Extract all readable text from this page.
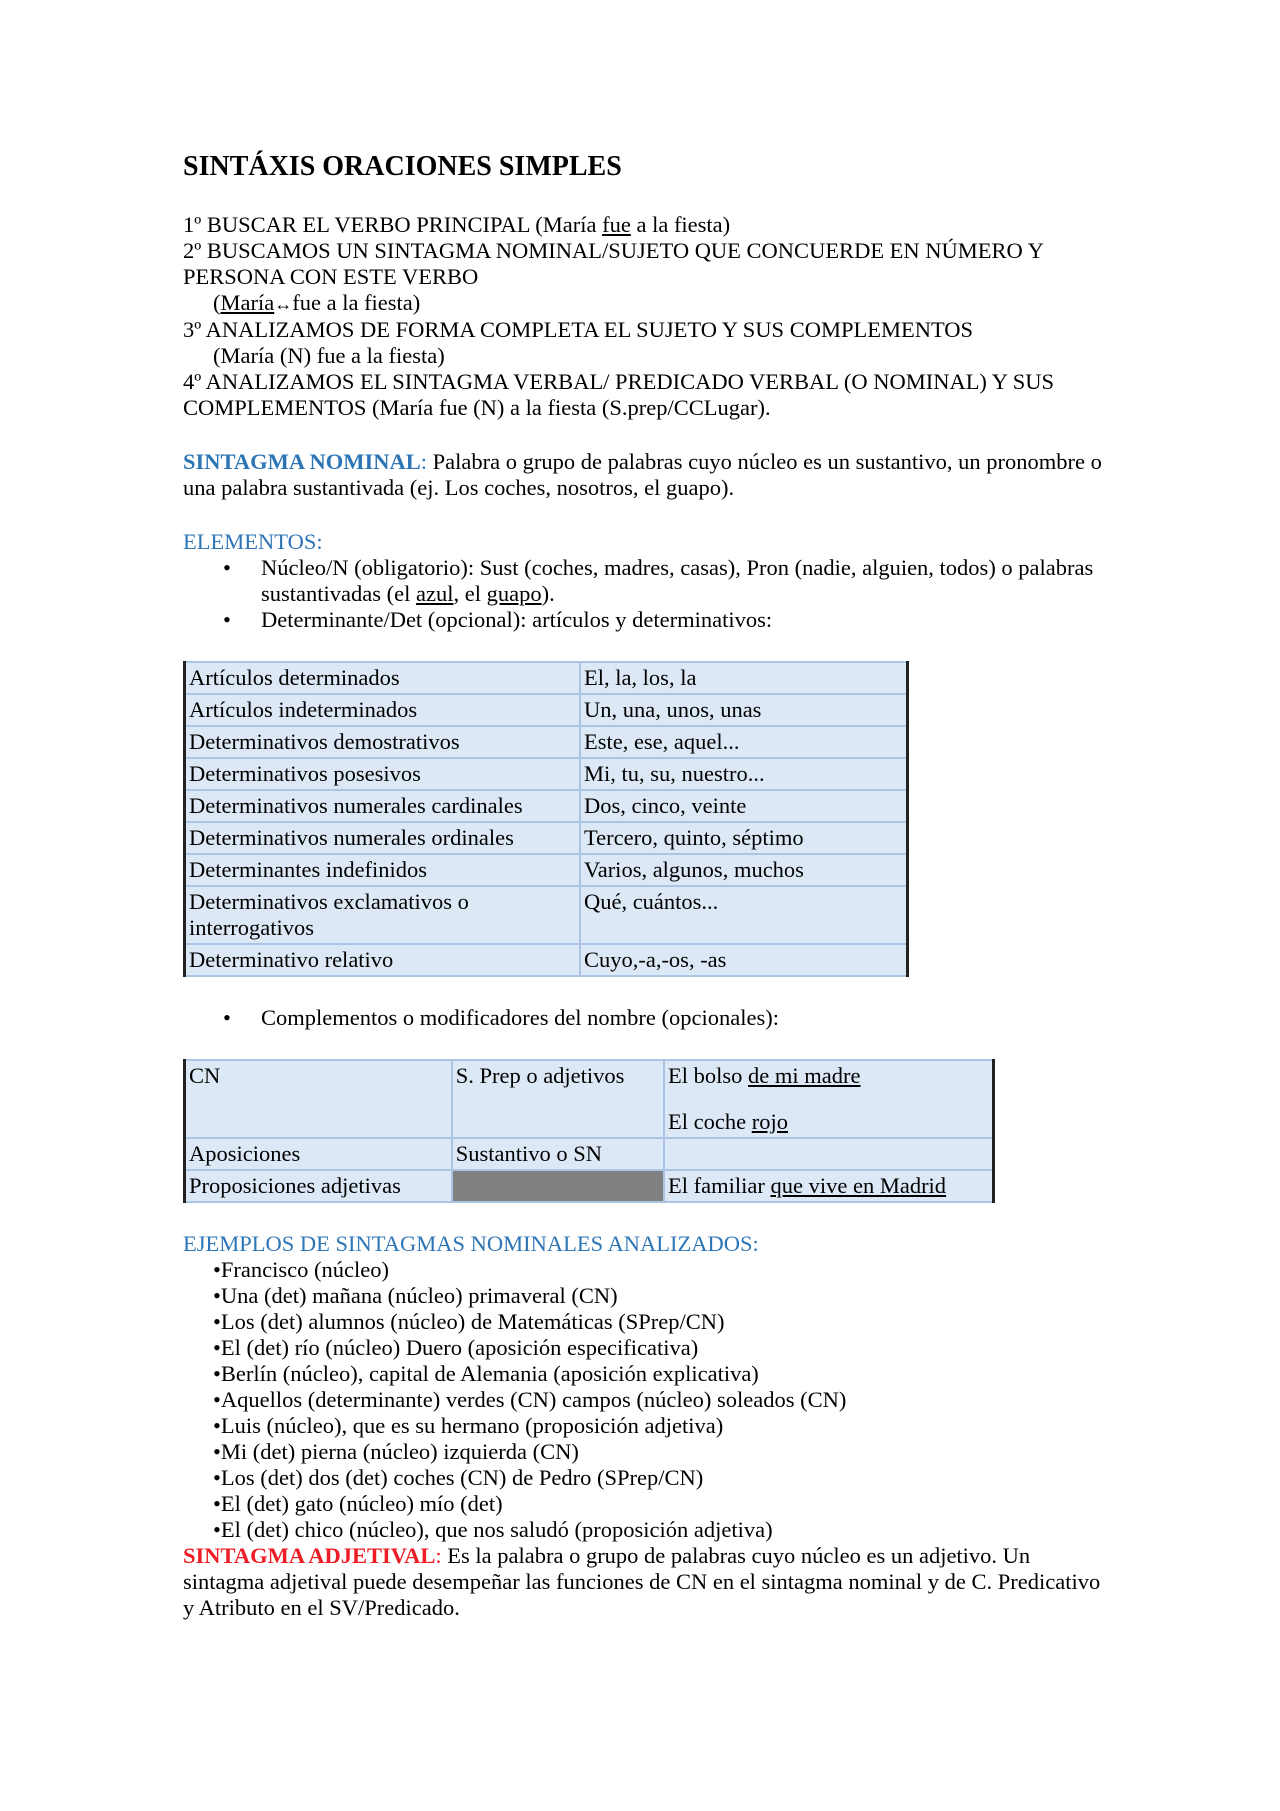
SINTÁXIS ORACIONES SIMPLES

1º BUSCAR EL VERBO PRINCIPAL (María fue a la fiesta)

2º BUSCAMOS UN SINTAGMA NOMINAL/SUJETO QUE CONCUERDE EN NÚMERO Y PERSONA CON ESTE VERBO

(María↔fue a la fiesta)

3º ANALIZAMOS DE FORMA COMPLETA EL SUJETO Y SUS COMPLEMENTOS

(María (N) fue a la fiesta)

4º ANALIZAMOS EL SINTAGMA VERBAL/ PREDICADO VERBAL (O NOMINAL) Y SUS COMPLEMENTOS (María fue (N) a la fiesta (S.prep/CCLugar).

SINTAGMA NOMINAL: Palabra o grupo de palabras cuyo núcleo es un sustantivo, un pronombre o una palabra sustantivada (ej. Los coches, nosotros, el guapo).

ELEMENTOS:
• Núcleo/N (obligatorio): Sust (coches, madres, casas), Pron (nadie, alguien, todos) o palabras sustantivadas (el azul, el guapo).
• Determinante/Det (opcional): artículos y determinativos:
Artículos determinados	El, la, los, la
Artículos indeterminados	Un, una, unos, unas
Determinativos demostrativos	Este, ese, aquel...
Determinativos posesivos	Mi, tu, su, nuestro...
Determinativos numerales cardinales	Dos, cinco, veinte
Determinativos numerales ordinales	Tercero, quinto, séptimo
Determinantes indefinidos	Varios, algunos, muchos
Determinativos exclamativos o interrogativos	Qué, cuántos...
Determinativo relativo	Cuyo,-a,-os, -as
• Complementos o modificadores del nombre (opcionales):
CN	S. Prep o adjetivos	El bolso de mi madre
El coche rojo

Aposiciones	Sustantivo o SN	
Proposiciones adjetivas		El familiar que vive en Madrid
EJEMPLOS DE SINTAGMAS NOMINALES ANALIZADOS:
• Francisco (núcleo)
• Una (det) mañana (núcleo) primaveral (CN)
• Los (det) alumnos (núcleo) de Matemáticas (SPrep/CN)
• El (det) río (núcleo) Duero (aposición especificativa)
• Berlín (núcleo), capital de Alemania (aposición explicativa)
• Aquellos (determinante) verdes (CN) campos (núcleo) soleados (CN)
• Luis (núcleo), que es su hermano (proposición adjetiva)
• Mi (det) pierna (núcleo) izquierda (CN)
• Los (det) dos (det) coches (CN) de Pedro (SPrep/CN)
• El (det) gato (núcleo) mío (det)
• El (det) chico (núcleo), que nos saludó (proposición adjetiva)

SINTAGMA ADJETIVAL: Es la palabra o grupo de palabras cuyo núcleo es un adjetivo. Un sintagma adjetival puede desempeñar las funciones de CN en el sintagma nominal y de C. Predicativo y Atributo en el SV/Predicado.
